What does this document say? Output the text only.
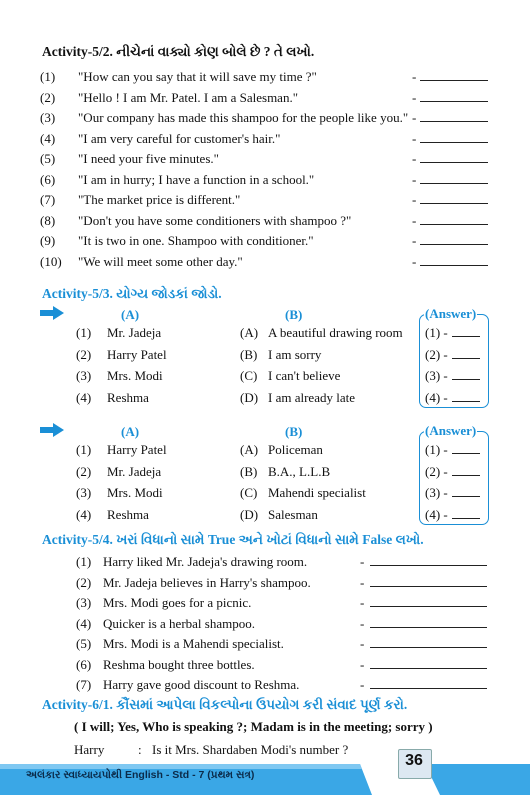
Activity-5/2. નીચેનાં વાક્યો કોણ બોલે છે ? તે લખો.
(1) "How can you say that it will save my time ?"	-
(2) "Hello ! I am Mr. Patel. I am a Salesman."	-
(3) "Our company has made this shampoo for the people like you." -
(4) "I am very careful for customer's hair."	-
(5) "I need your five minutes."	-
(6) "I am in hurry; I have a function in a school."	-
(7) "The market price is different."	-
(8) "Don't you have some conditioners with shampoo ?"	-
(9) "It is two in one. Shampoo with conditioner."	-
(10) "We will meet some other day."	-
Activity-5/3. યોગ્ય જોડકાં જોડો.
(A)	(B)	(Answer)
(1) Mr. Jadeja	(A) A beautiful drawing room (1) -
(2) Harry Patel	(B) I am sorry	(2) -
(3) Mrs. Modi	(C) I can't believe	(3) -
(4) Reshma	(D) I am already late	(4) -
(A)	(B)	(Answer)
(1) Harry Patel	(A) Policeman	(1) -
(2) Mr. Jadeja	(B) B.A., L.L.B	(2) -
(3) Mrs. Modi	(C) Mahendi specialist	(3) -
(4) Reshma	(D) Salesman	(4) -
Activity-5/4. ખરાં વિધાનો સામે True અને ખોટાં વિધાનો સામે False લખો.
(1) Harry liked Mr. Jadeja's drawing room.	-
(2) Mr. Jadeja believes in Harry's shampoo.	-
(3) Mrs. Modi goes for a picnic.	-
(4) Quicker is a herbal shampoo.	-
(5) Mrs. Modi is a Mahendi specialist.	-
(6) Reshma bought three bottles.	-
(7) Harry gave good discount to Reshma.	-
Activity-6/1. કૌંસમાં આપેલા વિકલ્પોના ઉપયોગ કરી સંવાદ પૂર્ણ કરો.
( I will; Yes, Who is speaking ?; Madam is in the meeting; sorry )
Harry	: Is it Mrs. Shardaben Modi's number ?
અલંકાર સ્વાધ્યાયપોથી English - Std - 7 (પ્રથમ સત્ર)
36
